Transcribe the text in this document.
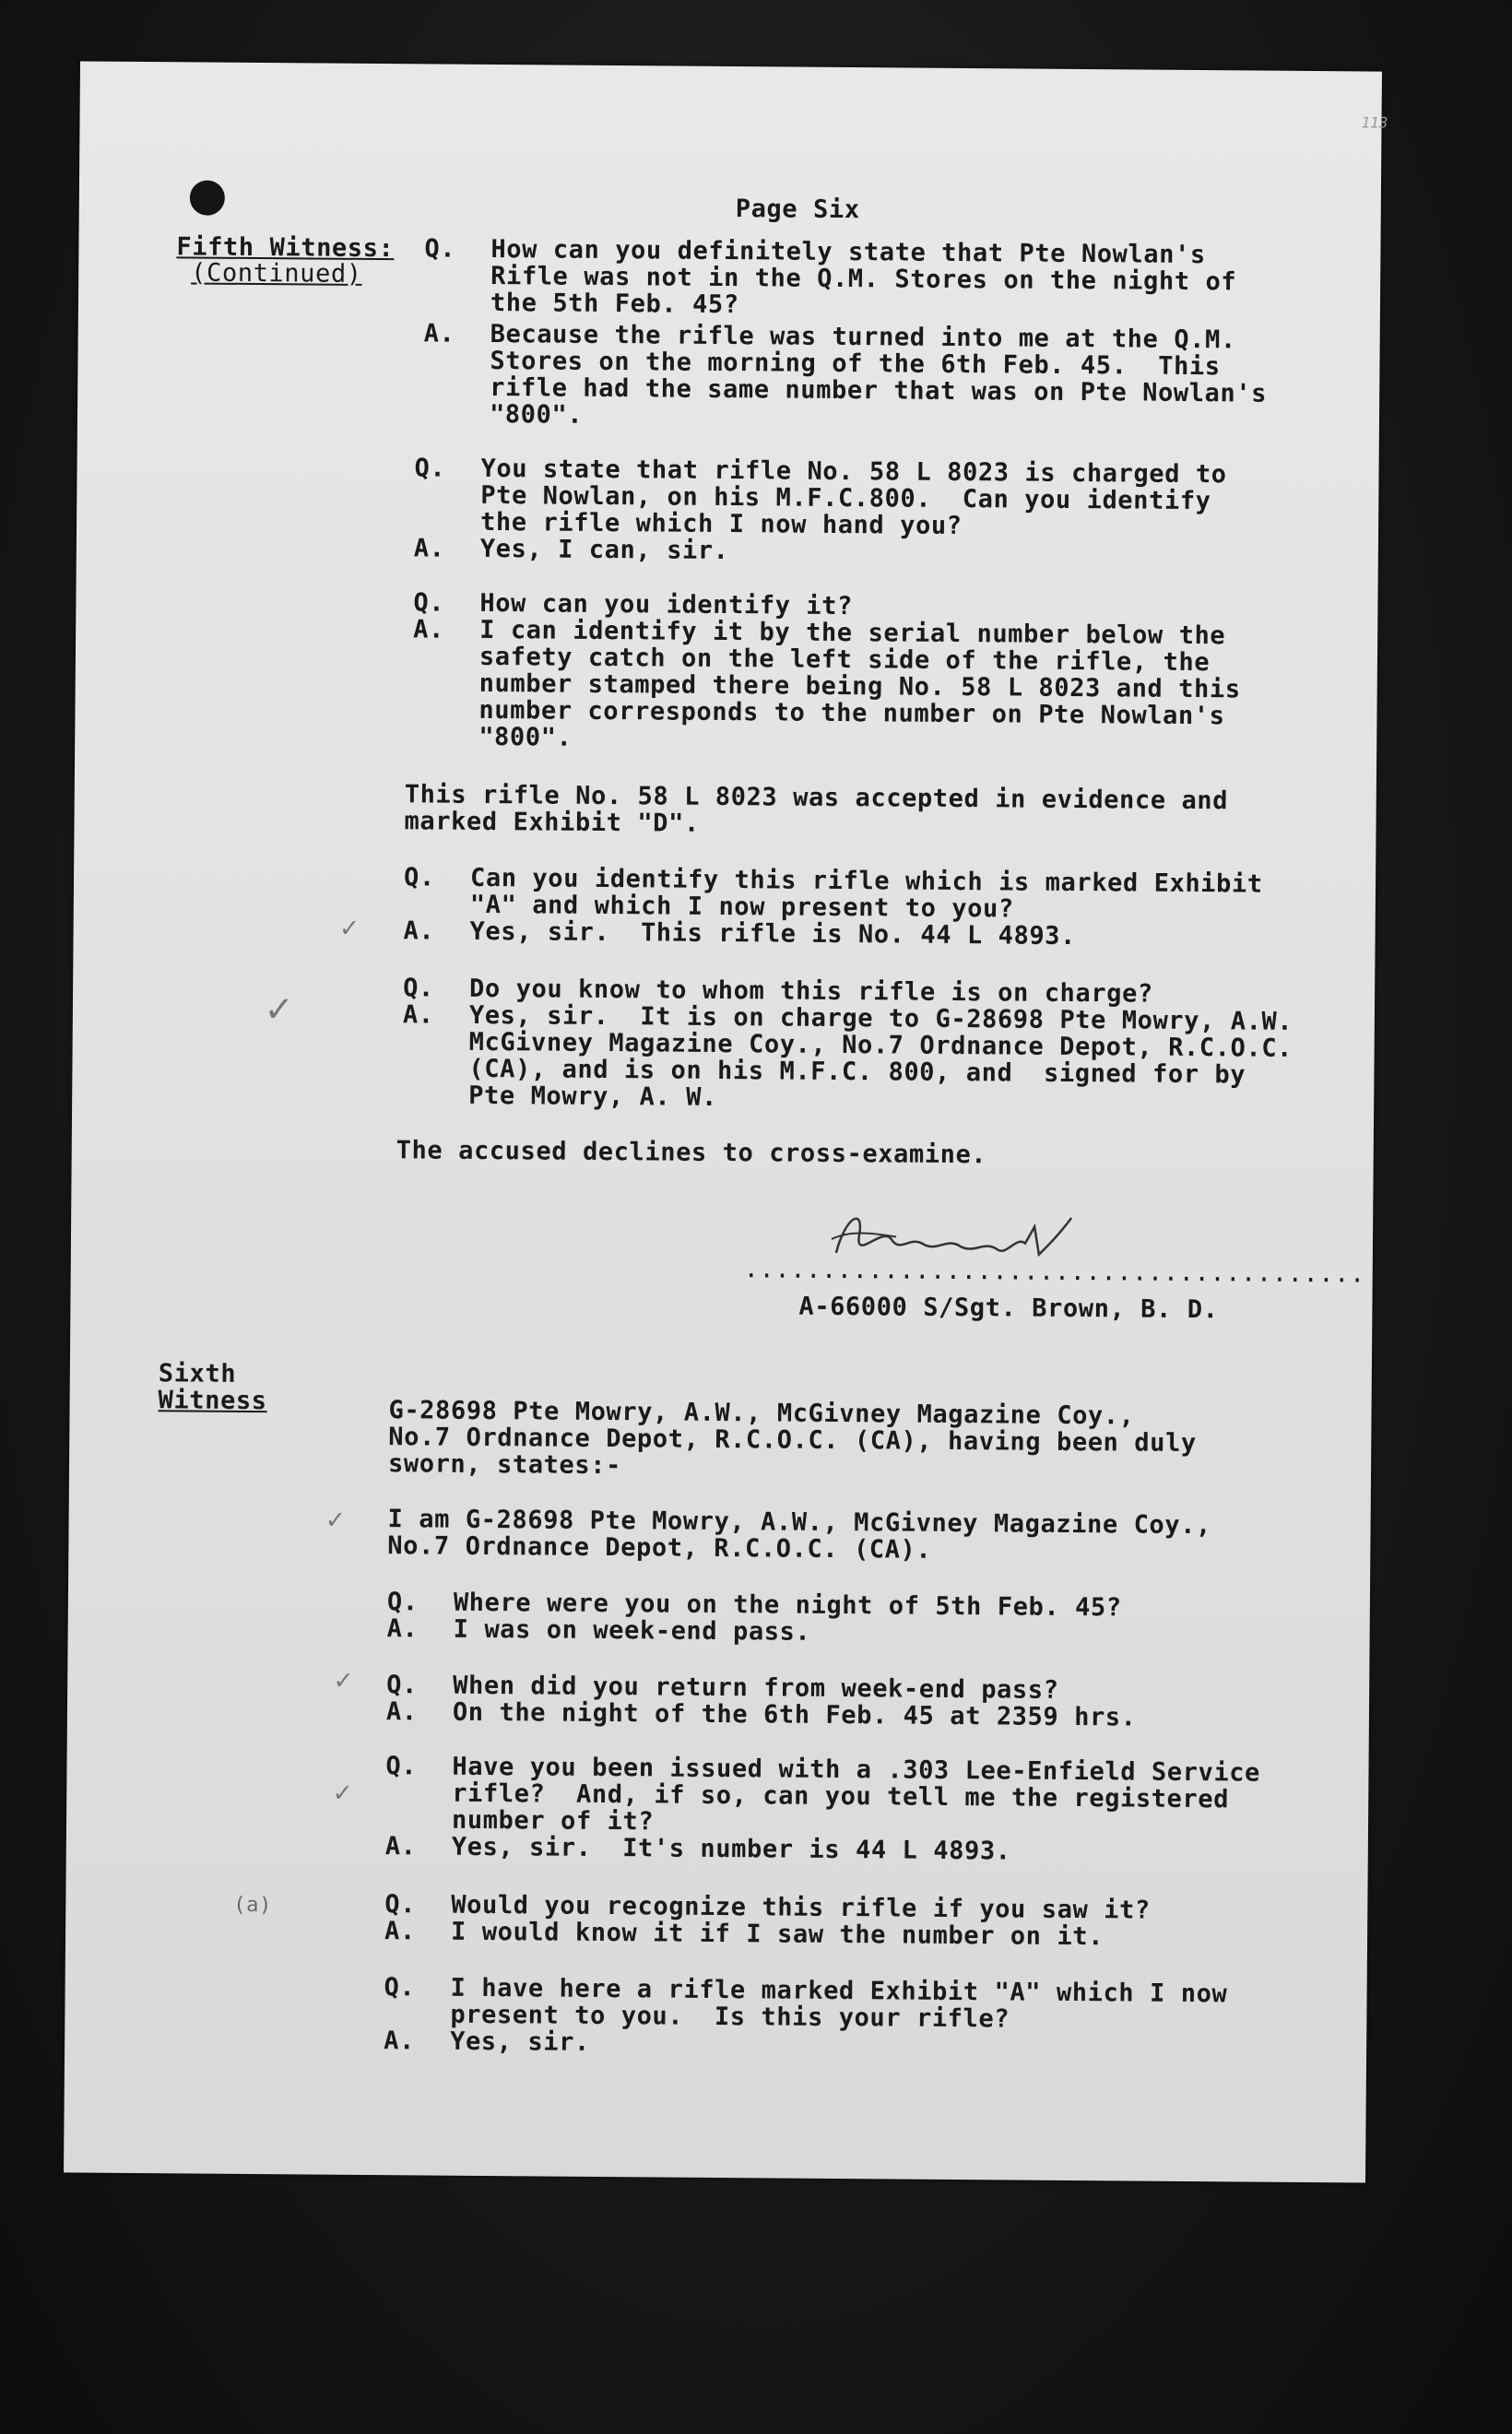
113
Page Six
Fifth Witness:
(Continued)
Q. How can you definitely state that Pte Nowlan's
Rifle was not in the Q.M. Stores on the night of
the 5th Feb. 45?
A. Because the rifle was turned into me at the Q.M.
Stores on the morning of the 6th Feb. 45.  This
rifle had the same number that was on Pte Nowlan's
"800".
Q. You state that rifle No. 58 L 8023 is charged to
Pte Nowlan, on his M.F.C.800.  Can you identify
the rifle which I now hand you?
A. Yes, I can, sir.
Q. How can you identify it?
A. I can identify it by the serial number below the
safety catch on the left side of the rifle, the
number stamped there being No. 58 L 8023 and this
number corresponds to the number on Pte Nowlan's
"800".
This rifle No. 58 L 8023 was accepted in evidence and
marked Exhibit "D".
Q. Can you identify this rifle which is marked Exhibit
"A" and which I now present to you?
✓ A. Yes, sir.  This rifle is No. 44 L 4893.
Q. Do you know to whom this rifle is on charge?
✓	A. Yes, sir.  It is on charge to G-28698 Pte Mowry, A.W.
McGivney Magazine Coy., No.7 Ordnance Depot, R.C.O.C.
(CA), and is on his M.F.C. 800, and  signed for by
Pte Mowry, A. W.
The accused declines to cross-examine.
........................................
A-66000 S/Sgt. Brown, B. D.
Sixth
Witness	G-28698 Pte Mowry, A.W., McGivney Magazine Coy.,
No.7 Ordnance Depot, R.C.O.C. (CA), having been duly
sworn, states:-
✓ I am G-28698 Pte Mowry, A.W., McGivney Magazine Coy.,
No.7 Ordnance Depot, R.C.O.C. (CA).
Q. Where were you on the night of 5th Feb. 45?
A. I was on week-end pass.
✓ Q. When did you return from week-end pass?
A. On the night of the 6th Feb. 45 at 2359 hrs.
Q. Have you been issued with a .303 Lee-Enfield Service
✓	rifle?  And, if so, can you tell me the registered
number of it?
A. Yes, sir.  It's number is 44 L 4893.
(a)	Q. Would you recognize this rifle if you saw it?
A. I would know it if I saw the number on it.
Q. I have here a rifle marked Exhibit "A" which I now
present to you.  Is this your rifle?
A. Yes, sir.
